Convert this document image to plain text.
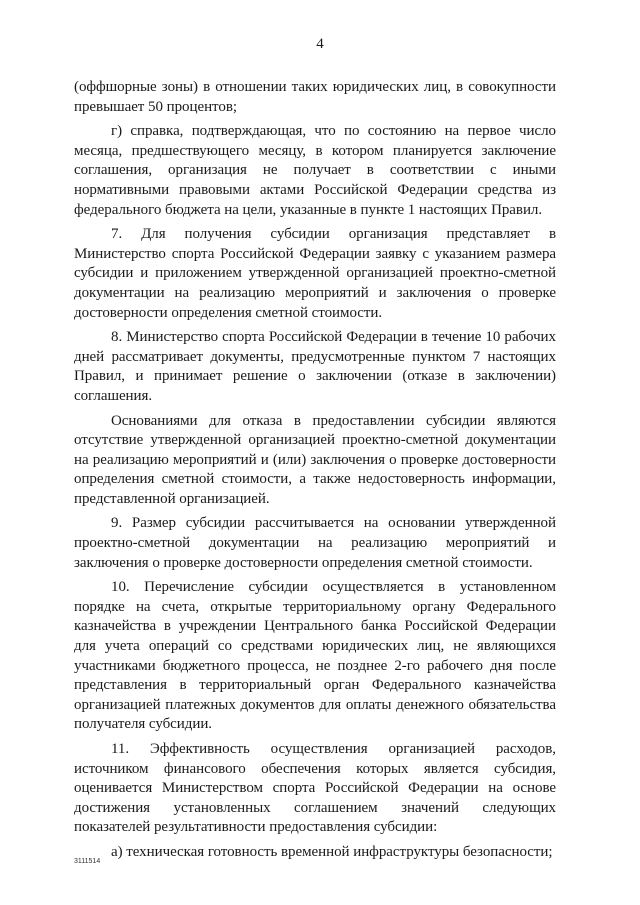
4
(оффшорные зоны) в отношении таких юридических лиц, в совокупности
превышает 50 процентов;
г) справка, подтверждающая, что по состоянию на первое число
месяца, предшествующего месяцу, в котором планируется заключение
соглашения, организация не получает в соответствии с иными
нормативными правовыми актами Российской Федерации средства из
федерального бюджета на цели, указанные в пункте 1 настоящих Правил.
7. Для получения субсидии организация представляет в
Министерство спорта Российской Федерации заявку с указанием размера
субсидии и приложением утвержденной организацией проектно-сметной
документации на реализацию мероприятий и заключения о проверке
достоверности определения сметной стоимости.
8. Министерство спорта Российской Федерации в течение 10 рабочих
дней рассматривает документы, предусмотренные пунктом 7 настоящих
Правил, и принимает решение о заключении (отказе в заключении)
соглашения.
Основаниями для отказа в предоставлении субсидии являются
отсутствие утвержденной организацией проектно-сметной документации
на реализацию мероприятий и (или) заключения о проверке достоверности
определения сметной стоимости, а также недостоверность информации,
представленной организацией.
9. Размер субсидии рассчитывается на основании утвержденной
проектно-сметной документации на реализацию мероприятий и
заключения о проверке достоверности определения сметной стоимости.
10. Перечисление субсидии осуществляется в установленном
порядке на счета, открытые территориальному органу Федерального
казначейства в учреждении Центрального банка Российской Федерации
для учета операций со средствами юридических лиц, не являющихся
участниками бюджетного процесса, не позднее 2-го рабочего дня после
представления в территориальный орган Федерального казначейства
организацией платежных документов для оплаты денежного обязательства
получателя субсидии.
11. Эффективность осуществления организацией расходов,
источником финансового обеспечения которых является субсидия,
оценивается Министерством спорта Российской Федерации на основе
достижения установленных соглашением значений следующих
показателей результативности предоставления субсидии:
а) техническая готовность временной инфраструктуры безопасности;
3111514
